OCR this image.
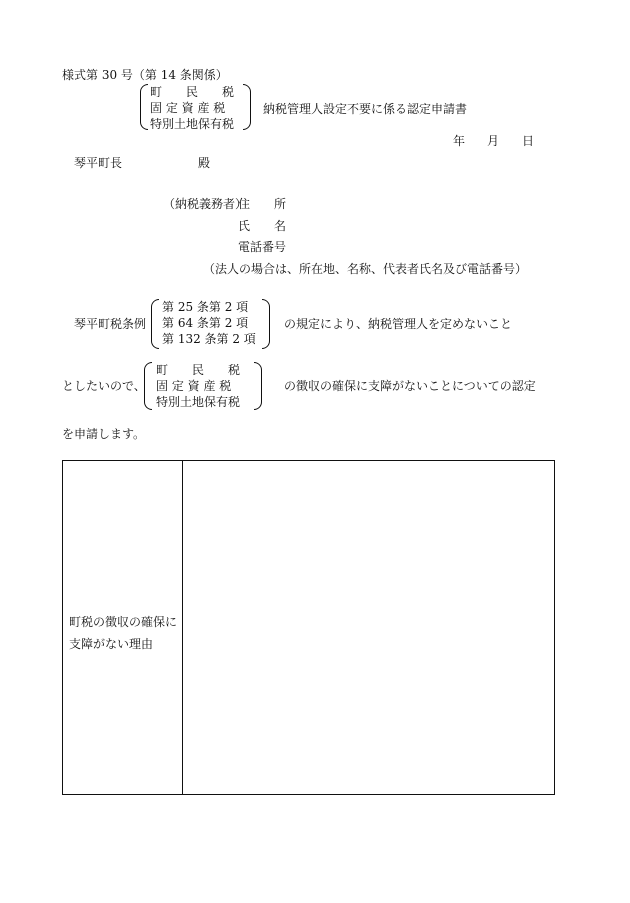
様式第 30 号（第 14 条関係）
町　　民　　税
固 定 資 産 税
特別土地保有税
納税管理人設定不要に係る認定申請書
年 月 日
琴平町長	殿
（納税義務者）
住　　所
氏　　名
電話番号
（法人の場合は、所在地、名称、代表者氏名及び電話番号）
琴平町税条例
第 25 条第 2 項
第 64 条第 2 項
第 132 条第 2 項
の規定により、納税管理人を定めないこと
としたいので、
町　　民　　税
固 定 資 産 税
特別土地保有税
の徴収の確保に支障がないことについての認定
を申請します。
町税の徴収の確保に支障がない理由
